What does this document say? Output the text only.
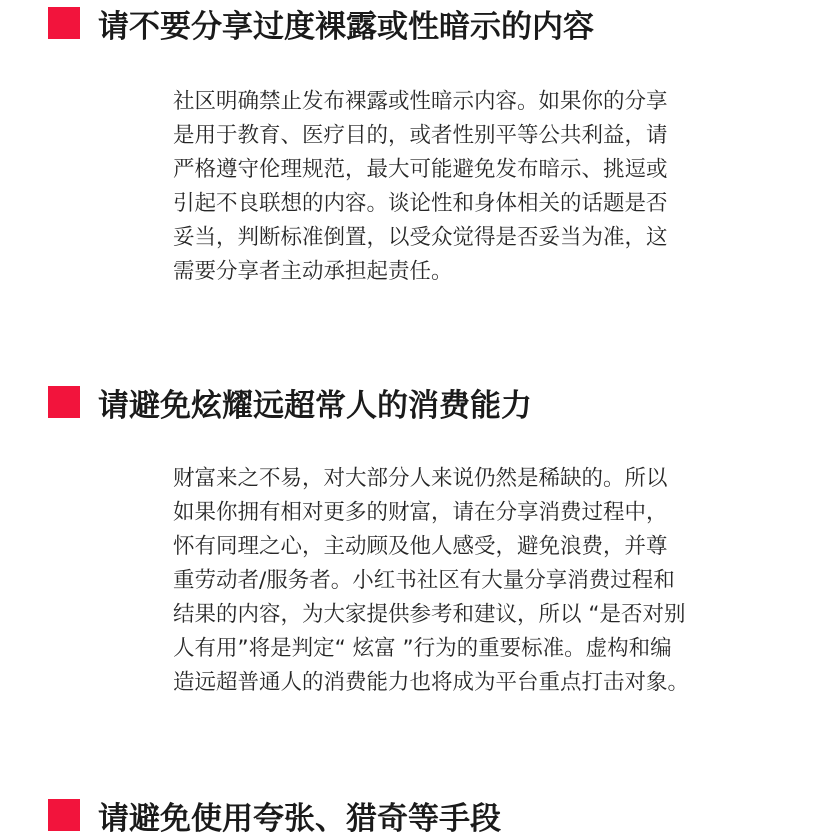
请不要分享过度裸露或性暗示的内容

社区明确禁止发布裸露或性暗示内容。如果你的分享
是用于教育、医疗目的，或者性别平等公共利益，请
严格遵守伦理规范，最大可能避免发布暗示、挑逗或
引起不良联想的内容。谈论性和身体相关的话题是否
妥当，判断标准倒置，以受众觉得是否妥当为准，这
需要分享者主动承担起责任。

请避免炫耀远超常人的消费能力

财富来之不易，对大部分人来说仍然是稀缺的。所以
如果你拥有相对更多的财富，请在分享消费过程中，
怀有同理之心，主动顾及他人感受，避免浪费，并尊
重劳动者/服务者。小红书社区有大量分享消费过程和
结果的内容，为大家提供参考和建议，所以 “是否对别
人有用”将是判定“ 炫富 ”行为的重要标准。虚构和编
造远超普通人的消费能力也将成为平台重点打击对象。

请避免使用夸张、猎奇等手段
